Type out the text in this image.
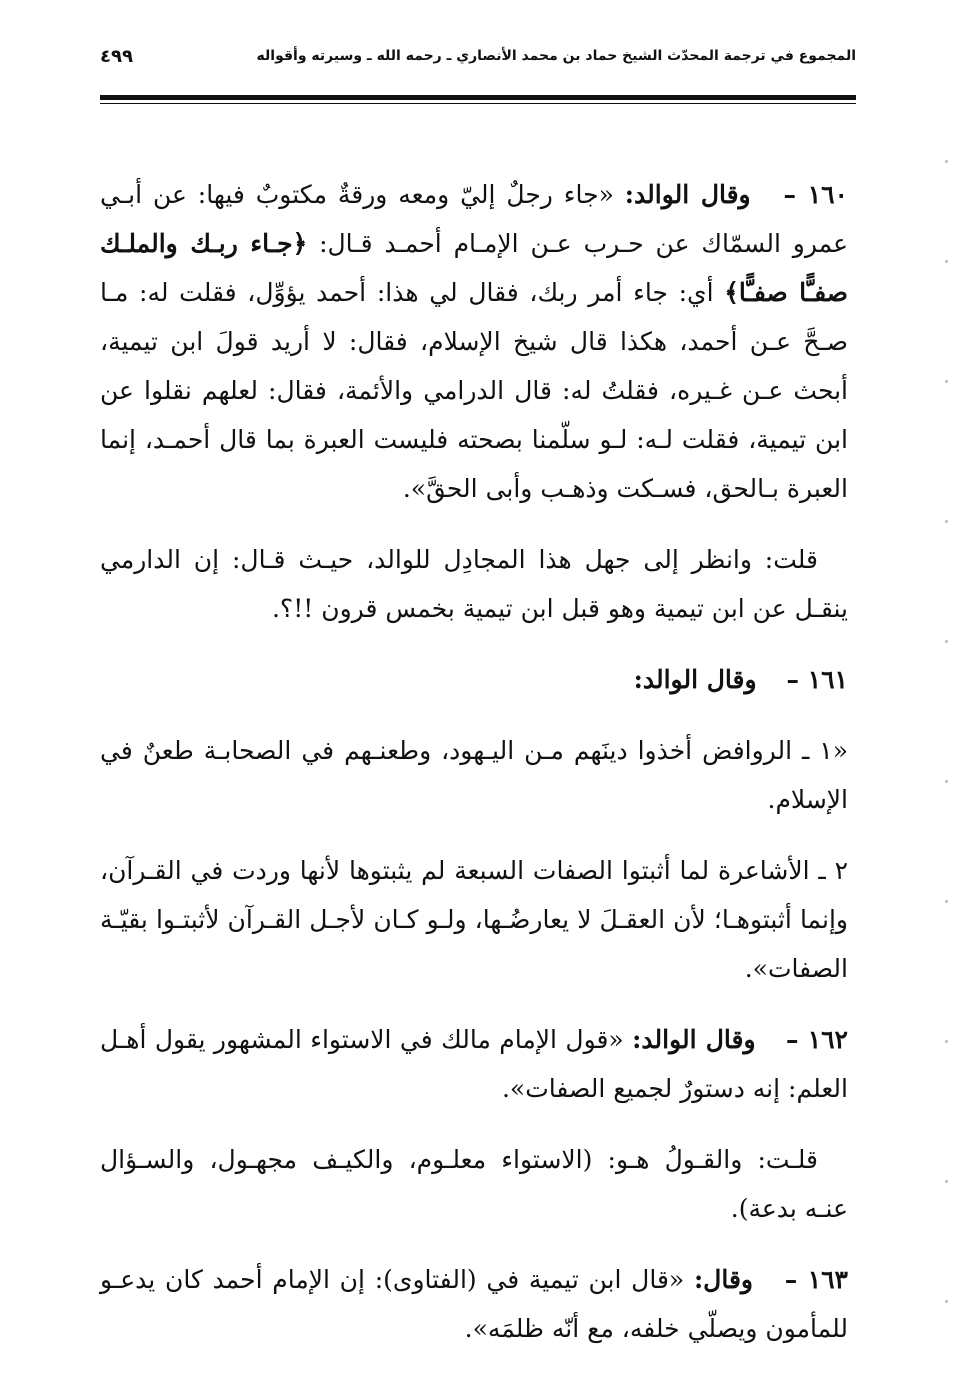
المجموع في ترجمة المحدّث الشيخ حماد بن محمد الأنصاري ـ رحمه الله ـ وسيرته وأقواله
٤٩٩

١٦٠ – وقال الوالد: «جاء رجلٌ إليّ ومعه ورقةٌ مكتوبٌ فيها: عن أبـي عمرو السمّاك عن حـرب عـن الإمـام أحمـد قـال: ﴿جـاء ربـك والملـك صفـًّا صفـًّا﴾ أي: جاء أمر ربك، فقال لي هذا: أحمد يؤوِّل، فقلت له: مـا صـحَّ عـن أحمد، هكذا قال شيخ الإسلام، فقال: لا أريد قولَ ابن تيمية، أبحث عـن غـيره، فقلتُ له: قال الدرامي والأئمة، فقال: لعلهم نقلوا عن ابن تيمية، فقلت لـه: لـو سلّمنا بصحته فليست العبرة بما قال أحمـد، إنما العبرة بـالحق، فسـكت وذهـب وأبى الحقَّ».

قلت: وانظر إلى جهل هذا المجادِل للوالد، حيـث قـال: إن الدارمي ينقـل عن ابن تيمية وهو قبل ابن تيمية بخمس قرون !!؟.

١٦١ – وقال الوالد:

«١ ـ الروافض أخذوا دينَهم مـن اليـهود، وطعنـهم في الصحابـة طعنٌ في الإسلام.

٢ ـ الأشاعرة لما أثبتوا الصفات السبعة لم يثبتوها لأنها وردت في القـرآن، وإنما أثبتوهـا؛ لأن العقـلَ لا يعارضُـها، ولـو كـان لأجـل القـرآن لأثبتـوا بقيّـة الصفات».

١٦٢ – وقال الوالد: «قول الإمام مالك في الاستواء المشهور يقول أهـل العلم: إنه دستورٌ لجميع الصفات».

قلـت: والقـولُ هـو: (الاستواء معلـوم، والكيـف مجهـول، والسـؤال عنـه بدعة).

١٦٣ – وقال: «قال ابن تيمية في (الفتاوى): إن الإمام أحمد كان يدعـو للمأمون ويصلّي خلفه، مع أنّه ظلمَه».
